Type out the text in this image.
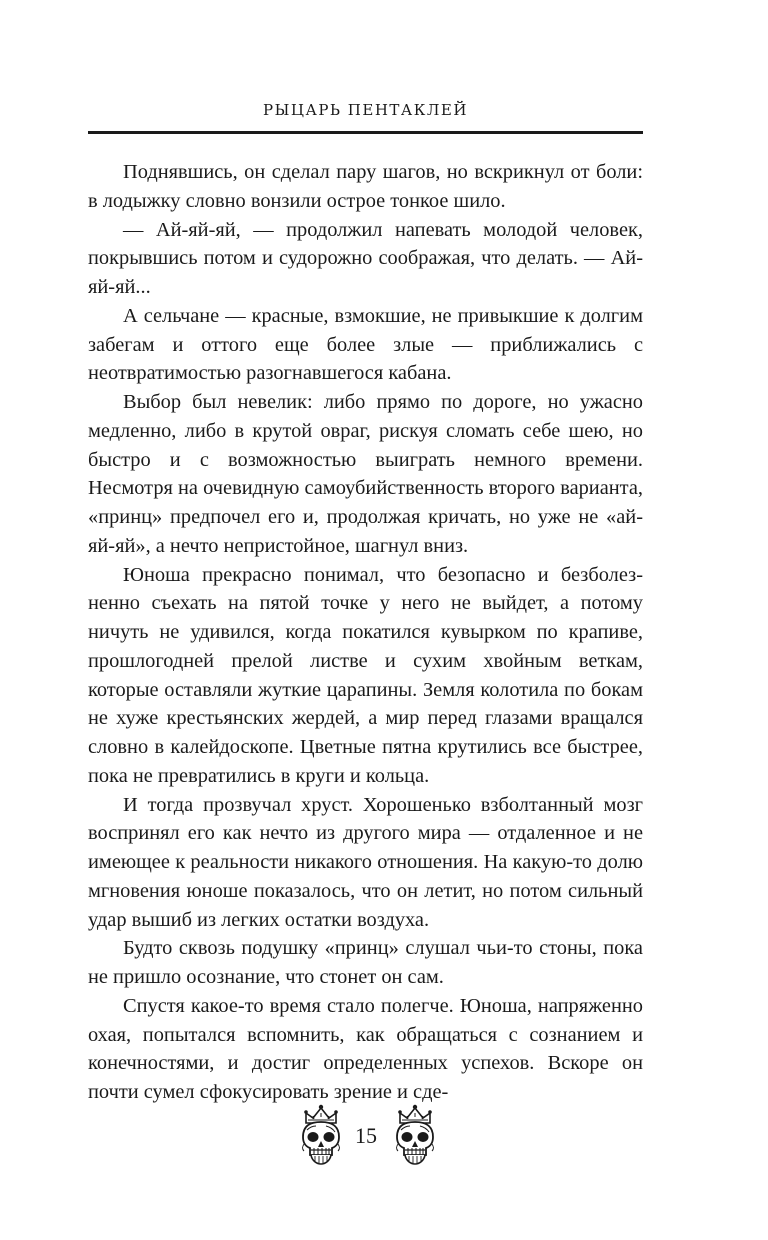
РЫЦАРЬ ПЕНТАКЛЕЙ

Поднявшись, он сделал пару шагов, но вскрикнул от боли: в лодыжку словно вонзили острое тонкое шило.

— Ай-яй-яй, — продолжил напевать молодой человек, покрывшись потом и судорожно соображая, что делать. — Ай-яй-яй...

А сельчане — красные, взмокшие, не привыкшие к долгим забегам и оттого еще более злые — приближались с неотвратимостью разогнавшегося кабана.

Выбор был невелик: либо прямо по дороге, но ужасно медленно, либо в крутой овраг, рискуя сломать себе шею, но быстро и с возможностью выиграть немного времени. Несмотря на очевидную самоубийственность второго варианта, «принц» предпочел его и, продолжая кричать, но уже не «ай-яй-яй», а нечто непристойное, шагнул вниз.

Юноша прекрасно понимал, что безопасно и безболезненно съехать на пятой точке у него не выйдет, а потому ничуть не удивился, когда покатился кувырком по крапиве, прошлогодней прелой листве и сухим хвойным веткам, которые оставляли жуткие царапины. Земля колотила по бокам не хуже крестьянских жердей, а мир перед глазами вращался словно в калейдоскопе. Цветные пятна крутились все быстрее, пока не превратились в круги и кольца.

И тогда прозвучал хруст. Хорошенько взболтанный мозг воспринял его как нечто из другого мира — отдаленное и не имеющее к реальности никакого отношения. На какую-то долю мгновения юноше показалось, что он летит, но потом сильный удар вышиб из легких остатки воздуха.

Будто сквозь подушку «принц» слушал чьи-то стоны, пока не пришло осознание, что стонет он сам.

Спустя какое-то время стало полегче. Юноша, напряженно охая, попытался вспомнить, как обращаться с сознанием и конечностями, и достиг определенных успехов. Вскоре он почти сумел сфокусировать зрение и сде-

15
